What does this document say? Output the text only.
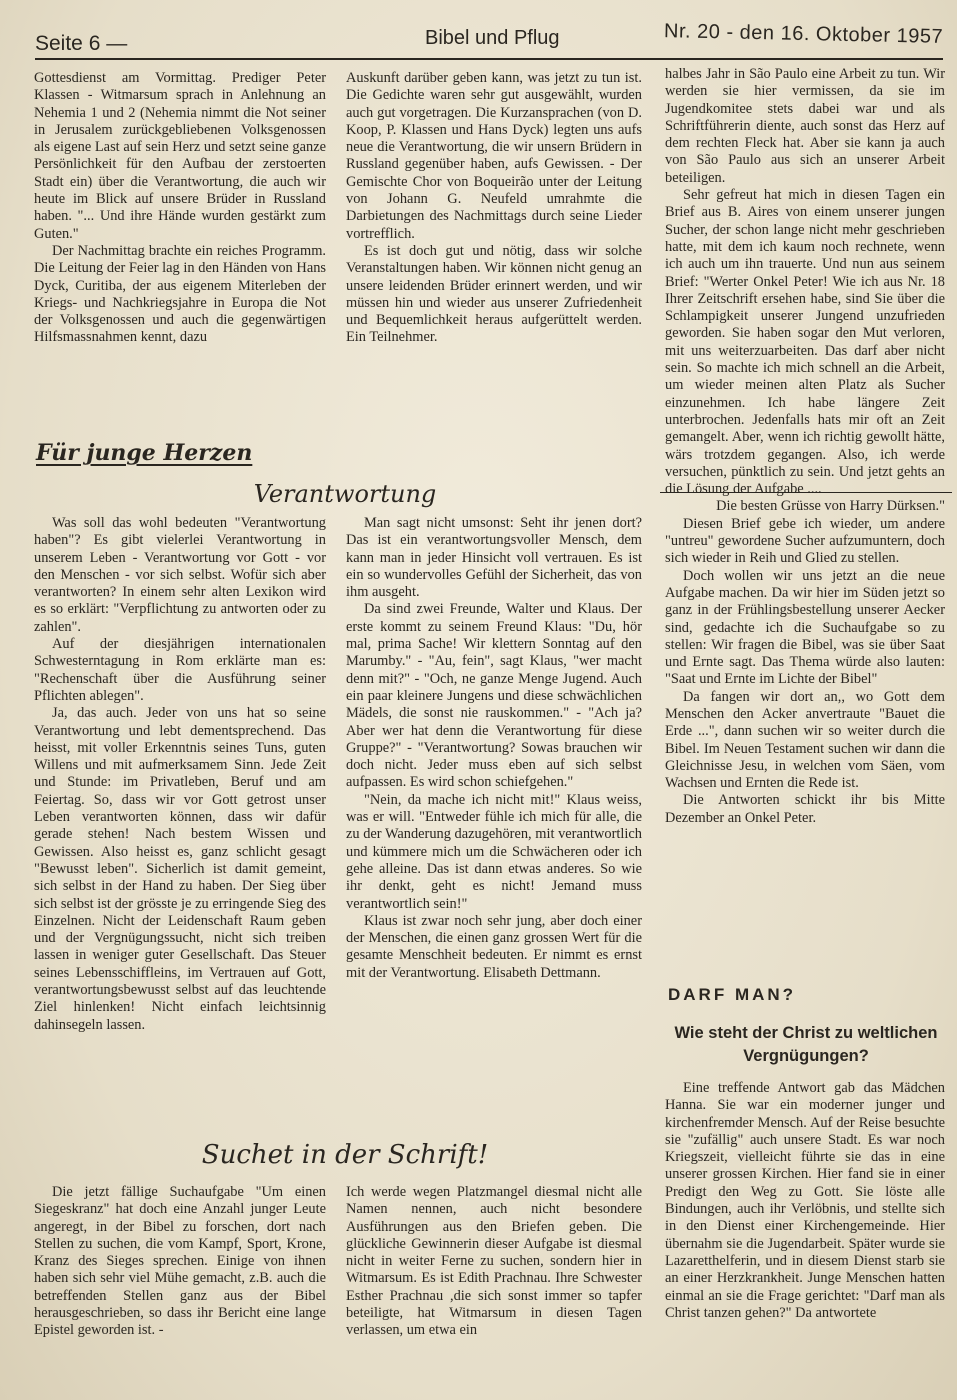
Seite 6 —	Bibel und Pflug	Nr. 20 - den 16. Oktober 1957

Gottesdienst am Vormittag. Prediger Peter Klassen - Witmarsum sprach in Anlehnung an Nehemia 1 und 2 (Nehemia nimmt die Not seiner in Jerusalem zurückgebliebenen Volksgenossen als eigene Last auf sein Herz und setzt seine ganze Persönlichkeit für den Aufbau der zerstoerten Stadt ein) über die Verantwortung, die auch wir heute im Blick auf unsere Brüder in Russland haben. "... Und ihre Hände wurden gestärkt zum Guten."

Der Nachmittag brachte ein reiches Programm. Die Leitung der Feier lag in den Händen von Hans Dyck, Curitiba, der aus eigenem Miterleben der Kriegs- und Nachkriegsjahre in Europa die Not der Volksgenossen und auch die gegenwärtigen Hilfsmassnahmen kennt, dazu

Auskunft darüber geben kann, was jetzt zu tun ist. Die Gedichte waren sehr gut ausgewählt, wurden auch gut vorgetragen. Die Kurzansprachen (von D. Koop, P. Klassen und Hans Dyck) legten uns aufs neue die Verantwortung, die wir unsern Brüdern in Russland gegenüber haben, aufs Gewissen. - Der Gemischte Chor von Boqueirão unter der Leitung von Johann G. Neufeld umrahmte die Darbietungen des Nachmittags durch seine Lieder vortrefflich.

Es ist doch gut und nötig, dass wir solche Veranstaltungen haben. Wir können nicht genug an unsere leidenden Brüder erinnert werden, und wir müssen hin und wieder aus unserer Zufriedenheit und Bequemlichkeit heraus aufgerüttelt werden. Ein Teilnehmer.

halbes Jahr in São Paulo eine Arbeit zu tun. Wir werden sie hier vermissen, da sie im Jugendkomitee stets dabei war und als Schriftführerin diente, auch sonst das Herz auf dem rechten Fleck hat. Aber sie kann ja auch von São Paulo aus sich an unserer Arbeit beteiligen.

Sehr gefreut hat mich in diesen Tagen ein Brief aus B. Aires von einem unserer jungen Sucher, der schon lange nicht mehr geschrieben hatte, mit dem ich kaum noch rechnete, wenn ich auch um ihn trauerte. Und nun aus seinem Brief: "Werter Onkel Peter! Wie ich aus Nr. 18 Ihrer Zeitschrift ersehen habe, sind Sie über die Schlampigkeit unserer Jungend unzufrieden geworden. Sie haben sogar den Mut verloren, mit uns weiterzuarbeiten. Das darf aber nicht sein. So machte ich mich schnell an die Arbeit, um wieder meinen alten Platz als Sucher einzunehmen. Ich habe längere Zeit unterbrochen. Jedenfalls hats mir oft an Zeit gemangelt. Aber, wenn ich richtig gewollt hätte, wärs trotzdem gegangen. Also, ich werde versuchen, pünktlich zu sein. Und jetzt gehts an die Lösung der Aufgabe ....

Die besten Grüsse von Harry Dürksen."

Diesen Brief gebe ich wieder, um andere "untreu" gewordene Sucher aufzumuntern, doch sich wieder in Reih und Glied zu stellen.

Doch wollen wir uns jetzt an die neue Aufgabe machen. Da wir hier im Süden jetzt so ganz in der Frühlingsbestellung unserer Aecker sind, gedachte ich die Suchaufgabe so zu stellen: Wir fragen die Bibel, was sie über Saat und Ernte sagt. Das Thema würde also lauten: "Saat und Ernte im Lichte der Bibel"

Da fangen wir dort an,, wo Gott dem Menschen den Acker anvertraute "Bauet die Erde ...", dann suchen wir so weiter durch die Bibel. Im Neuen Testament suchen wir dann die Gleichnisse Jesu, in welchen vom Säen, vom Wachsen und Ernten die Rede ist.

Die Antworten schickt ihr bis Mitte Dezember an Onkel Peter.

Für junge Herzen
Verantwortung

Was soll das wohl bedeuten "Verantwortung haben"? Es gibt vielerlei Verantwortung in unserem Leben - Verantwortung vor Gott - vor den Menschen - vor sich selbst. Wofür sich aber verantworten? In einem sehr alten Lexikon wird es so erklärt: "Verpflichtung zu antworten oder zu zahlen".

Auf der diesjährigen internationalen Schwesterntagung in Rom erklärte man es: "Rechenschaft über die Ausführung seiner Pflichten ablegen".

Ja, das auch. Jeder von uns hat so seine Verantwortung und lebt dementsprechend. Das heisst, mit voller Erkenntnis seines Tuns, guten Willens und mit aufmerksamem Sinn. Jede Zeit und Stunde: im Privatleben, Beruf und am Feiertag. So, dass wir vor Gott getrost unser Leben verantworten können, dass wir dafür gerade stehen! Nach bestem Wissen und Gewissen. Also heisst es, ganz schlicht gesagt "Bewusst leben". Sicherlich ist damit gemeint, sich selbst in der Hand zu haben. Der Sieg über sich selbst ist der grösste je zu erringende Sieg des Einzelnen. Nicht der Leidenschaft Raum geben und der Vergnügungssucht, nicht sich treiben lassen in weniger guter Gesellschaft. Das Steuer seines Lebensschiffleins, im Vertrauen auf Gott, verantwortungsbewusst selbst auf das leuchtende Ziel hinlenken! Nicht einfach leichtsinnig dahinsegeln lassen.

Man sagt nicht umsonst: Seht ihr jenen dort? Das ist ein verantwortungsvoller Mensch, dem kann man in jeder Hinsicht voll vertrauen. Es ist ein so wundervolles Gefühl der Sicherheit, das von ihm ausgeht.

Da sind zwei Freunde, Walter und Klaus. Der erste kommt zu seinem Freund Klaus: "Du, hör mal, prima Sache! Wir klettern Sonntag auf den Marumby." - "Au, fein", sagt Klaus, "wer macht denn mit?" - "Och, ne ganze Menge Jugend. Auch ein paar kleinere Jungens und diese schwächlichen Mädels, die sonst nie rauskommen." - "Ach ja? Aber wer hat denn die Verantwortung für diese Gruppe?" - "Verantwortung? Sowas brauchen wir doch nicht. Jeder muss eben auf sich selbst aufpassen. Es wird schon schiefgehen."

"Nein, da mache ich nicht mit!" Klaus weiss, was er will. "Entweder fühle ich mich für alle, die zu der Wanderung dazugehören, mit verantwortlich und kümmere mich um die Schwächeren oder ich gehe alleine. Das ist dann etwas anderes. So wie ihr denkt, geht es nicht! Jemand muss verantwortlich sein!"

Klaus ist zwar noch sehr jung, aber doch einer der Menschen, die einen ganz grossen Wert für die gesamte Menschheit bedeuten. Er nimmt es ernst mit der Verantwortung. Elisabeth Dettmann.

Suchet in der Schrift!

Die jetzt fällige Suchaufgabe "Um einen Siegeskranz" hat doch eine Anzahl junger Leute angeregt, in der Bibel zu forschen, dort nach Stellen zu suchen, die vom Kampf, Sport, Krone, Kranz des Sieges sprechen. Einige von ihnen haben sich sehr viel Mühe gemacht, z.B. auch die betreffenden Stellen ganz aus der Bibel herausgeschrieben, so dass ihr Bericht eine lange Epistel geworden ist. -

Ich werde wegen Platzmangel diesmal nicht alle Namen nennen, auch nicht besondere Ausführungen aus den Briefen geben. Die glückliche Gewinnerin dieser Aufgabe ist diesmal nicht in weiter Ferne zu suchen, sondern hier in Witmarsum. Es ist Edith Prachnau. Ihre Schwester Esther Prachnau ,die sich sonst immer so tapfer beteiligte, hat Witmarsum in diesen Tagen verlassen, um etwa ein

DARF MAN?
Wie steht der Christ zu weltlichen Vergnügungen?

Eine treffende Antwort gab das Mädchen Hanna. Sie war ein moderner junger und kirchenfremder Mensch. Auf der Reise besuchte sie "zufällig" auch unsere Stadt. Es war noch Kriegszeit, vielleicht führte sie das in eine unserer grossen Kirchen. Hier fand sie in einer Predigt den Weg zu Gott. Sie löste alle Bindungen, auch ihr Verlöbnis, und stellte sich in den Dienst einer Kirchengemeinde. Hier übernahm sie die Jugendarbeit. Später wurde sie Lazaretthelferin, und in diesem Dienst starb sie an einer Herzkrankheit. Junge Menschen hatten einmal an sie die Frage gerichtet: "Darf man als Christ tanzen gehen?" Da antwortete
